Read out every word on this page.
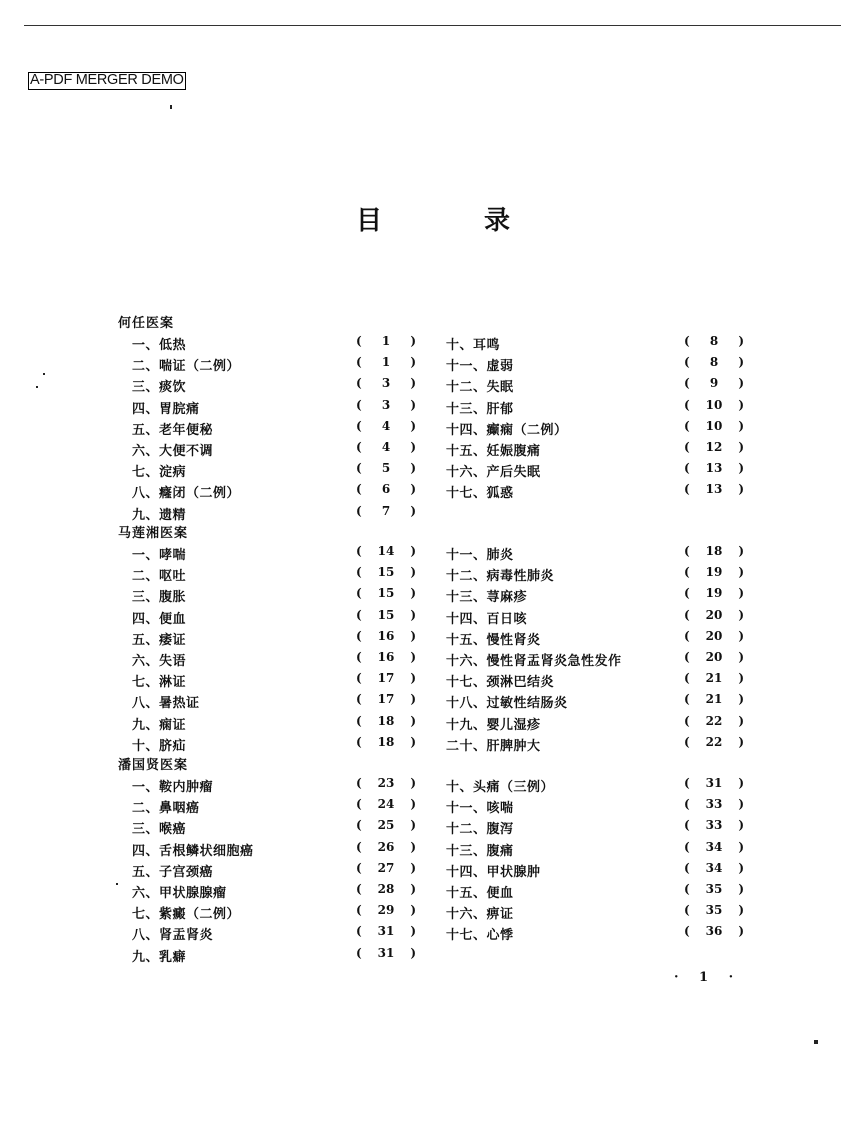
A-PDF MERGER DEMO
目	录
何任医案
一、低热	(	1	)
二、喘证（二例）	(	1	)
三、痰饮	(	3	)
四、胃脘痛	(	3	)
五、老年便秘	(	4	)
六、大便不调	(	4	)
七、淀病	(	5	)
八、癃闭（二例）	(	6	)
九、遗精	(	7	)
十、耳鸣	(	8	)
十一、虚弱	(	8	)
十二、失眠	(	9	)
十三、肝郁	(	10	)
十四、癫痫（二例）	(	10	)
十五、妊娠腹痛	(	12	)
十六、产后失眠	(	13	)
十七、狐惑	(	13	)
马莲湘医案
一、哮喘	(	14	)
二、呕吐	(	15	)
三、腹胀	(	15	)
四、便血	(	15	)
五、痿证	(	16	)
六、失语	(	16	)
七、淋证	(	17	)
八、暑热证	(	17	)
九、痫证	(	18	)
十、脐疝	(	18	)
十一、肺炎	(	18	)
十二、病毒性肺炎	(	19	)
十三、荨麻疹	(	19	)
十四、百日咳	(	20	)
十五、慢性肾炎	(	20	)
十六、慢性肾盂肾炎急性发作	(	20	)
十七、颈淋巴结炎	(	21	)
十八、过敏性结肠炎	(	21	)
十九、婴儿湿疹	(	22	)
二十、肝脾肿大	(	22	)
潘国贤医案
一、鞍内肿瘤	(	23	)
二、鼻咽癌	(	24	)
三、喉癌	(	25	)
四、舌根鳞状细胞癌	(	26	)
五、子宫颈癌	(	27	)
六、甲状腺腺瘤	(	28	)
七、紫癜（二例）	(	29	)
八、肾盂肾炎	(	31	)
九、乳癖	(	31	)
十、头痛（三例）	(	31	)
十一、咳喘	(	33	)
十二、腹泻	(	33	)
十三、腹痛	(	34	)
十四、甲状腺肿	(	34	)
十五、便血	(	35	)
十六、痹证	(	35	)
十七、心悸	(	36	)
· 1 ·
